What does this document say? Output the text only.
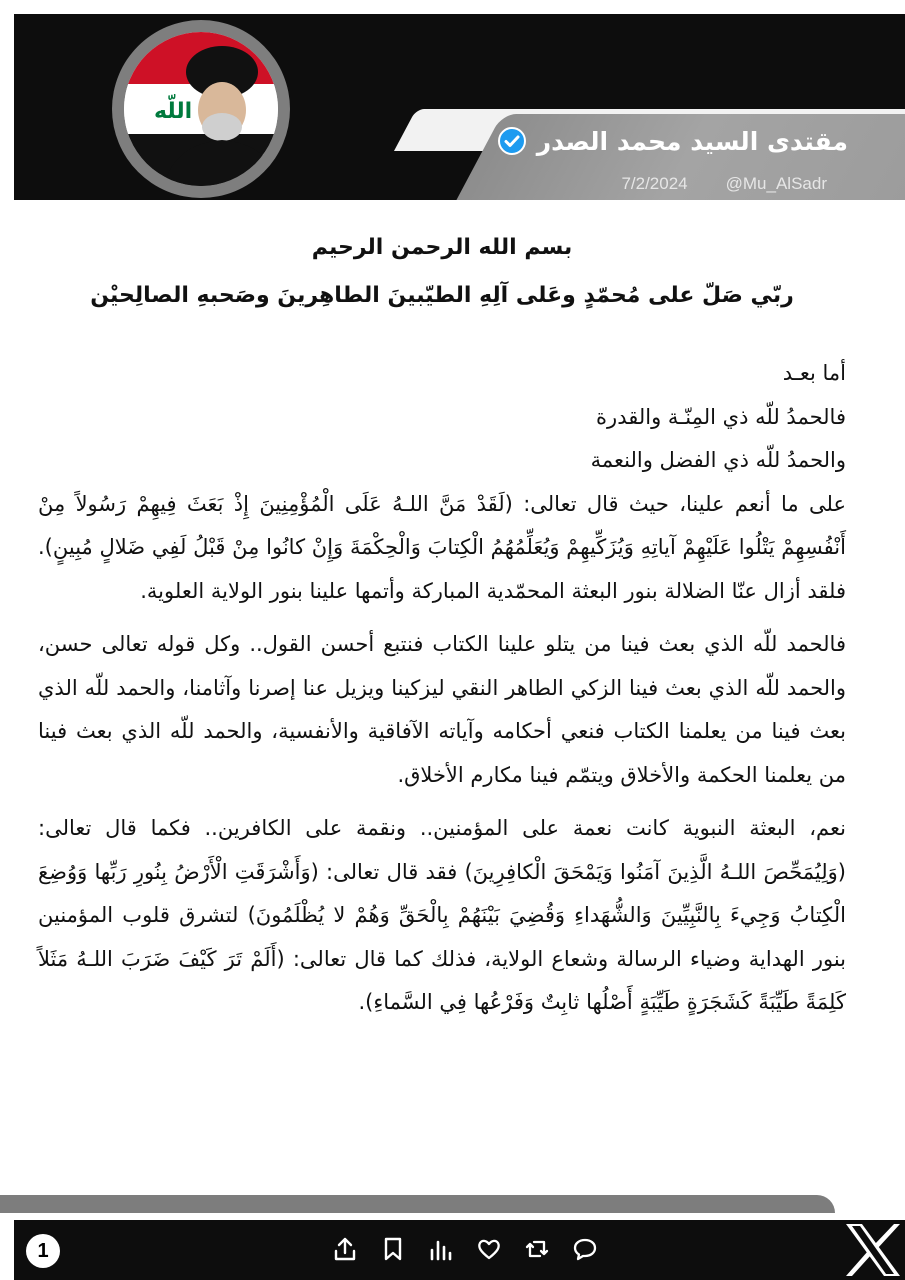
اللّه
مقتدى السيد محمد الصدر
7/2/2024 @Mu_AlSadr

بسم الله الرحمن الرحيم

ربّي صَلّ على مُحمّدٍ وعَلى آلِهِ الطيّبينَ الطاهِرينَ وصَحبهِ الصالِحيْن

أما بعـد

فالحمدُ للّه ذي المِنّـة والقدرة

والحمدُ للّه ذي الفضل والنعمة

على ما أنعم علينا، حيث قال تعالى: (لَقَدْ مَنَّ اللـهُ عَلَى الْمُؤْمِنِينَ إِذْ بَعَثَ فِيهِمْ رَسُولاً مِنْ أَنْفُسِهِمْ يَتْلُوا عَلَيْهِمْ آياتِهِ وَيُزَكِّيهِمْ وَيُعَلِّمُهُمُ الْكِتابَ وَالْحِكْمَةَ وَإِنْ كانُوا مِنْ قَبْلُ لَفِي ضَلالٍ مُبِينٍ). فلقد أزال عنّا الضلالة بنور البعثة المحمّدية المباركة وأتمها علينا بنور الولاية العلوية.

فالحمد للّه الذي بعث فينا من يتلو علينا الكتاب فنتبع أحسن القول.. وكل قوله تعالى حسن، والحمد للّه الذي بعث فينا الزكي الطاهر النقي ليزكينا ويزيل عنا إصرنا وآثامنا، والحمد للّه الذي بعث فينا من يعلمنا الكتاب فنعي أحكامه وآياته الآفاقية والأنفسية، والحمد للّه الذي بعث فينا من يعلمنا الحكمة والأخلاق ويتمّم فينا مكارم الأخلاق.

نعم، البعثة النبوية كانت نعمة على المؤمنين.. ونقمة على الكافرين.. فكما قال تعالى: (وَلِيُمَحِّصَ اللـهُ الَّذِينَ آمَنُوا وَيَمْحَقَ الْكافِرِينَ) فقد قال تعالى: (وَأَشْرَقَتِ الْأَرْضُ بِنُورِ رَبِّها وَوُضِعَ الْكِتابُ وَجِيءَ بِالنَّبِيِّينَ وَالشُّهَداءِ وَقُضِيَ بَيْنَهُمْ بِالْحَقِّ وَهُمْ لا يُظْلَمُونَ) لتشرق قلوب المؤمنين بنور الهداية وضياء الرسالة وشعاع الولاية، فذلك كما قال تعالى: (أَلَمْ تَرَ كَيْفَ ضَرَبَ اللـهُ مَثَلاً كَلِمَةً طَيِّبَةً كَشَجَرَةٍ طَيِّبَةٍ أَصْلُها ثابِتٌ وَفَرْعُها فِي السَّماءِ).

1
